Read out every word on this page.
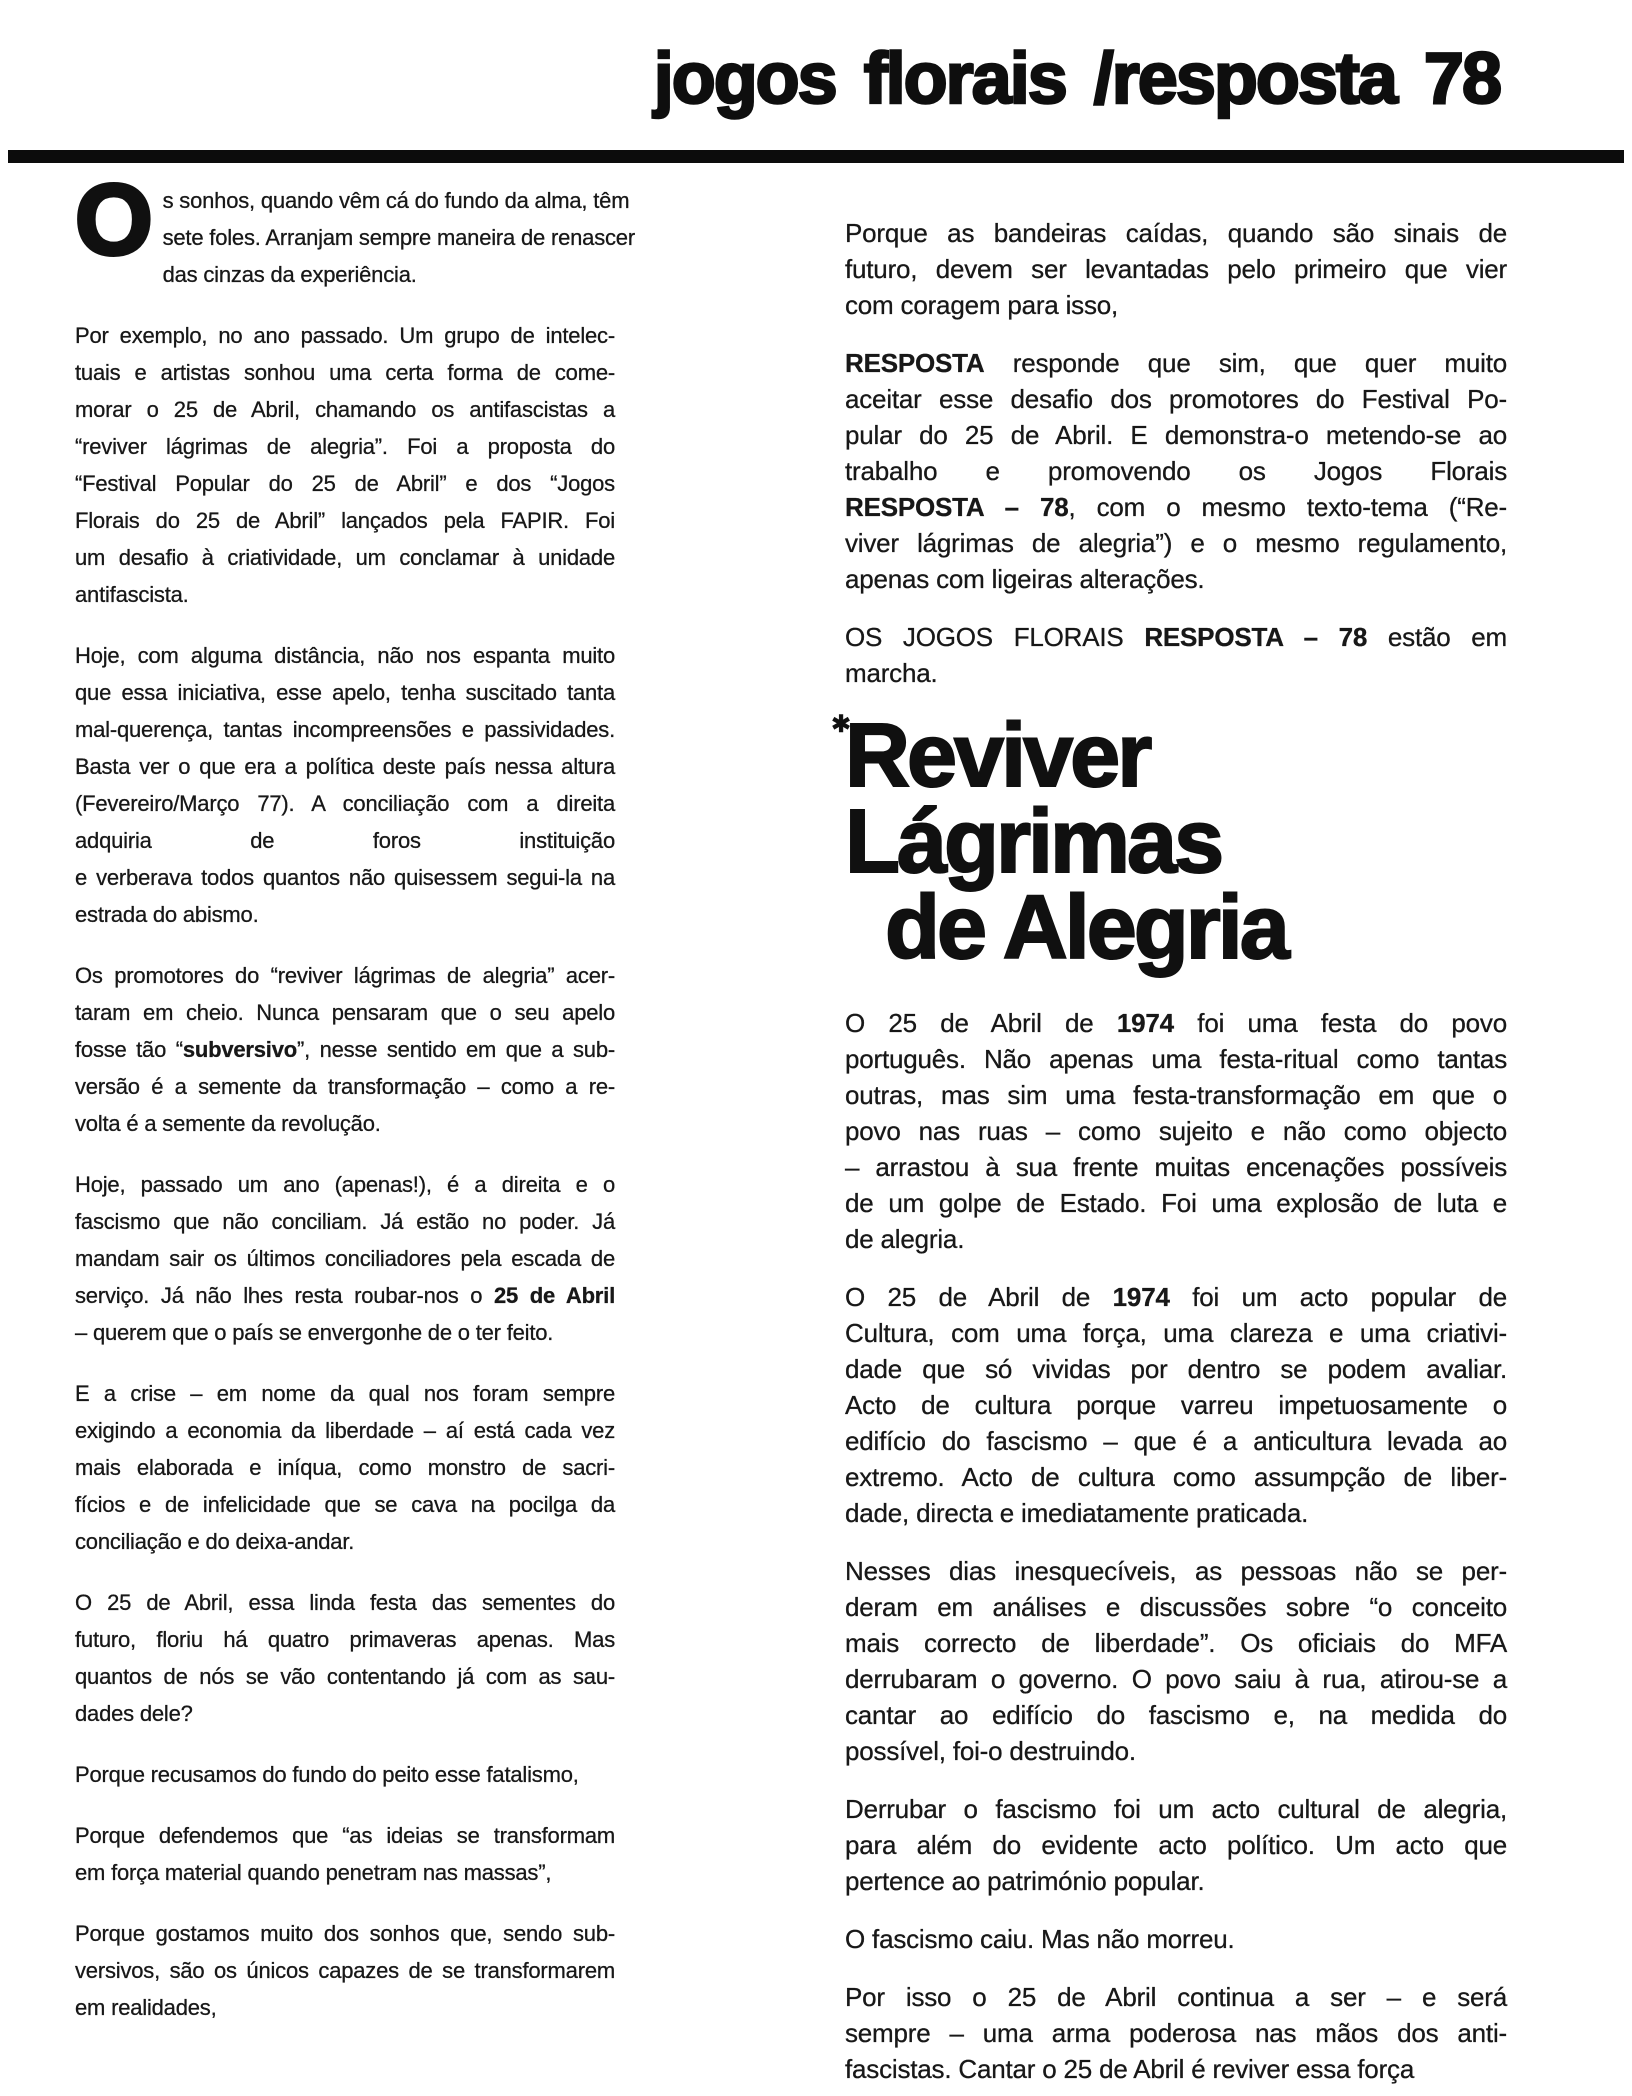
jogos florais /resposta 78
O s sonhos, quando vêm cá do fundo da alma, têm
sete foles. Arranjam sempre maneira de renascer
das cinzas da experiência.
Por exemplo, no ano passado. Um grupo de intelec-
tuais e artistas sonhou uma certa forma de come-
morar o 25 de Abril, chamando os antifascistas a
“reviver lágrimas de alegria”. Foi a proposta do
“Festival Popular do 25 de Abril” e dos “Jogos
Florais do 25 de Abril” lançados pela FAPIR. Foi
um desafio à criatividade, um conclamar à unidade
antifascista.
Hoje, com alguma distância, não nos espanta muito
que essa iniciativa, esse apelo, tenha suscitado tanta
mal-querença, tantas incompreensões e passividades.
Basta ver o que era a política deste país nessa altura
(Fevereiro/Março 77). A conciliação com a direita
adquiria de foros instituição
e verberava todos quantos não quisessem segui-la na
estrada do abismo.
Os promotores do “reviver lágrimas de alegria” acer-
taram em cheio. Nunca pensaram que o seu apelo
fosse tão “subversivo”, nesse sentido em que a sub-
versão é a semente da transformação – como a re-
volta é a semente da revolução.
Hoje, passado um ano (apenas!), é a direita e o
fascismo que não conciliam. Já estão no poder. Já
mandam sair os últimos conciliadores pela escada de
serviço. Já não lhes resta roubar-nos o 25 de Abril
– querem que o país se envergonhe de o ter feito.
E a crise – em nome da qual nos foram sempre
exigindo a economia da liberdade – aí está cada vez
mais elaborada e iníqua, como monstro de sacri-
fícios e de infelicidade que se cava na pocilga da
conciliação e do deixa-andar.
O 25 de Abril, essa linda festa das sementes do
futuro, floriu há quatro primaveras apenas. Mas
quantos de nós se vão contentando já com as sau-
dades dele?
Porque recusamos do fundo do peito esse fatalismo,
Porque defendemos que “as ideias se transformam
em força material quando penetram nas massas”,
Porque gostamos muito dos sonhos que, sendo sub-
versivos, são os únicos capazes de se transformarem
em realidades,
Porque as bandeiras caídas, quando são sinais de
futuro, devem ser levantadas pelo primeiro que vier
com coragem para isso,
RESPOSTA responde que sim, que quer muito
aceitar esse desafio dos promotores do Festival Po-
pular do 25 de Abril. E demonstra-o metendo-se ao
trabalho e promovendo os Jogos Florais
RESPOSTA – 78, com o mesmo texto-tema (“Re-
viver lágrimas de alegria”) e o mesmo regulamento,
apenas com ligeiras alterações.
OS JOGOS FLORAIS RESPOSTA – 78 estão em
marcha.
✱
Reviver
Lágrimas
de Alegria
O 25 de Abril de 1974 foi uma festa do povo
português. Não apenas uma festa-ritual como tantas
outras, mas sim uma festa-transformação em que o
povo nas ruas – como sujeito e não como objecto
– arrastou à sua frente muitas encenações possíveis
de um golpe de Estado. Foi uma explosão de luta e
de alegria.
O 25 de Abril de 1974 foi um acto popular de
Cultura, com uma força, uma clareza e uma criativi-
dade que só vividas por dentro se podem avaliar.
Acto de cultura porque varreu impetuosamente o
edifício do fascismo – que é a anticultura levada ao
extremo. Acto de cultura como assumpção de liber-
dade, directa e imediatamente praticada.
Nesses dias inesquecíveis, as pessoas não se per-
deram em análises e discussões sobre “o conceito
mais correcto de liberdade”. Os oficiais do MFA
derrubaram o governo. O povo saiu à rua, atirou-se a
cantar ao edifício do fascismo e, na medida do
possível, foi-o destruindo.
Derrubar o fascismo foi um acto cultural de alegria,
para além do evidente acto político. Um acto que
pertence ao património popular.
O fascismo caiu. Mas não morreu.
Por isso o 25 de Abril continua a ser – e será
sempre – uma arma poderosa nas mãos dos anti-
fascistas. Cantar o 25 de Abril é reviver essa força
